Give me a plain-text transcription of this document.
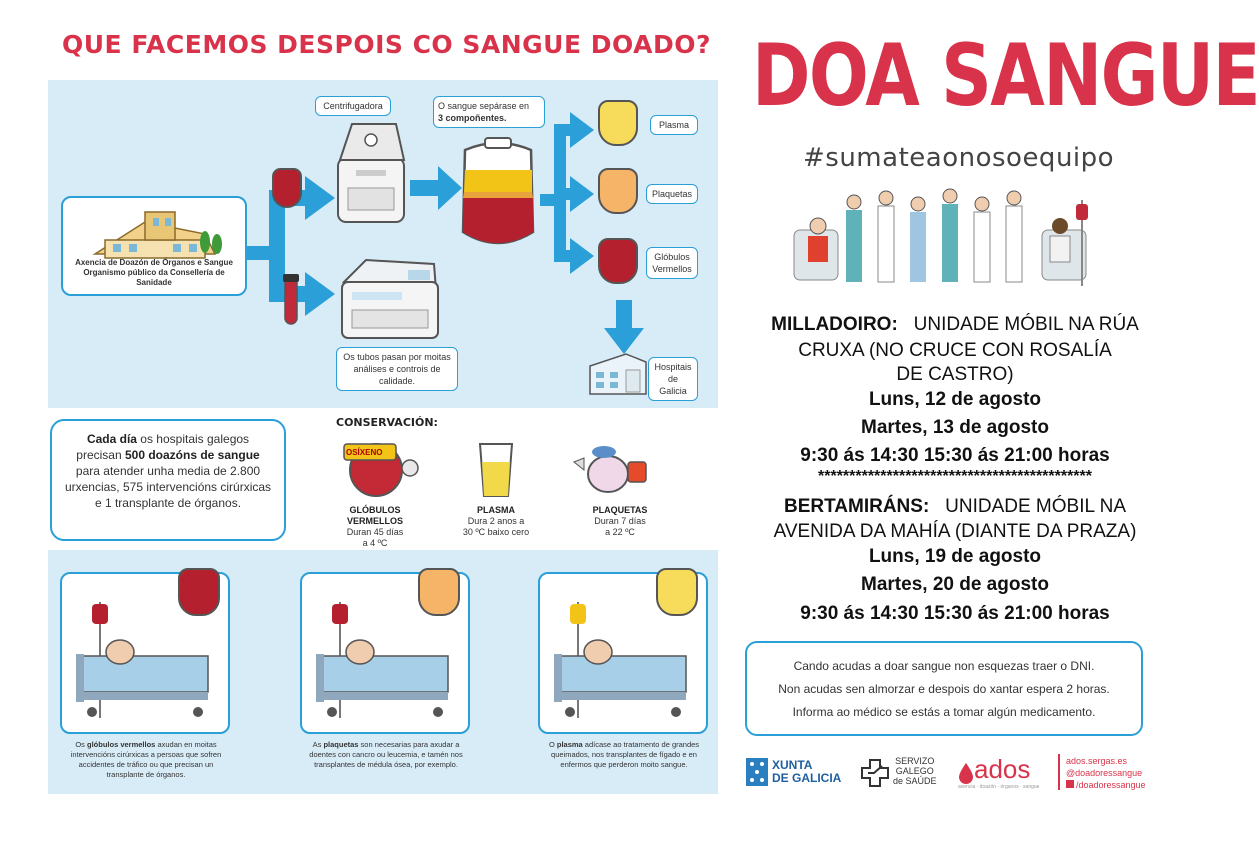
QUE FACEMOS DESPOIS CO SANGUE DOADO?
Axencia de Doazón de Órganos e Sangue
Organismo público da Consellería de Sanidade
Centrifugadora	O sangue sepárase en
3 compoñentes.
Plasma
Plaquetas
Glóbulos
Vermellos
Hospitais
de Galicia
Os tubos pasan por moitas análises e controis de calidade.
Cada día os hospitais galegos precisan 500 doazóns de sangue para atender unha media de 2.800 urxencias, 575 intervencións cirúrxicas e 1 transplante de órganos.
CONSERVACIÓN:
OSÍXENO
GLÓBULOS
VERMELLOS
Duran 45 días
a 4 ºC
PLASMA
Dura 2 anos a
30 ºC baixo cero
PLAQUETAS
Duran 7 días
a 22 ºC
Os glóbulos vermellos axudan en moitas intervencións cirúrxicas a persoas que sofren accidentes de tráfico ou que precisan un transplante de órganos.
As plaquetas son necesarias para axudar a doentes con cancro ou leucemia, e tamén nos transplantes de médula ósea, por exemplo.
O plasma adícase ao tratamento de grandes queimados, nos transplantes de fígado e en enfermos que perderon moito sangue.
DOA SANGUE
#sumateaonosoequipo
MILLADOIRO: UNIDADE MÓBIL NA RÚA
CRUXA (NO CRUCE CON ROSALÍA
DE CASTRO)
Luns, 12 de agosto
Martes, 13 de agosto
9:30 ás 14:30 15:30 ás 21:00 horas
********************************************
BERTAMIRÁNS: UNIDADE MÓBIL NA
AVENIDA DA MAHÍA (DIANTE DA PRAZA)
Luns, 19 de agosto
Martes, 20 de agosto
9:30 ás 14:30 15:30 ás 21:00 horas
Cando acudas a doar sangue non esquezas traer o DNI.
Non acudas sen almorzar e despois do xantar espera 2 horas.
Informa ao médico se estás a tomar algún medicamento.
XUNTA
DE GALICIA
SERVIZO
GALEGO
de SAÚDE ados
axencia · doazón · órganos · sangue
ados.sergas.es
@doadoressangue
/doadoressangue
